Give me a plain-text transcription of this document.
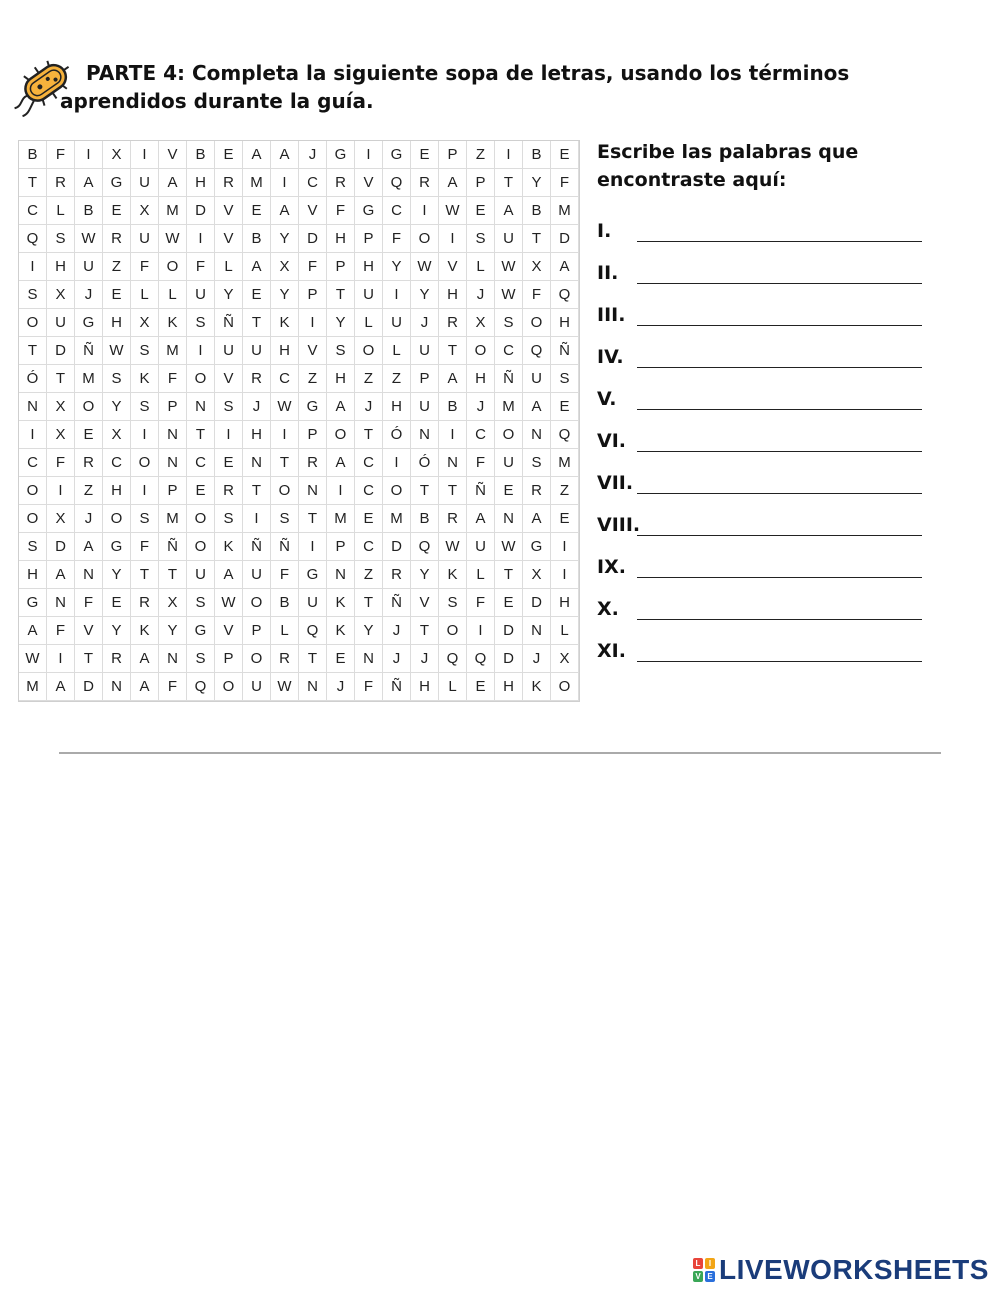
PARTE 4: Completa la siguiente sopa de letras, usando los términos
aprendidos durante la guía.
B	F	I	X	I	V	B	E	A	A	J	G	I	G	E	P	Z	I	B	E
T	R	A	G	U	A	H	R	M	I	C	R	V	Q	R	A	P	T	Y	F
C	L	B	E	X	M	D	V	E	A	V	F	G	C	I	W	E	A	B	M
Q	S	W	R	U	W	I	V	B	Y	D	H	P	F	O	I	S	U	T	D
I	H	U	Z	F	O	F	L	A	X	F	P	H	Y	W	V	L	W	X	A
S	X	J	E	L	L	U	Y	E	Y	P	T	U	I	Y	H	J	W	F	Q
O	U	G	H	X	K	S	Ñ	T	K	I	Y	L	U	J	R	X	S	O	H
T	D	Ñ	W	S	M	I	U	U	H	V	S	O	L	U	T	O	C	Q	Ñ
Ó	T	M	S	K	F	O	V	R	C	Z	H	Z	Z	P	A	H	Ñ	U	S
N	X	O	Y	S	P	N	S	J	W	G	A	J	H	U	B	J	M	A	E
I	X	E	X	I	N	T	I	H	I	P	O	T	Ó	N	I	C	O	N	Q
C	F	R	C	O	N	C	E	N	T	R	A	C	I	Ó	N	F	U	S	M
O	I	Z	H	I	P	E	R	T	O	N	I	C	O	T	T	Ñ	E	R	Z
O	X	J	O	S	M	O	S	I	S	T	M	E	M	B	R	A	N	A	E
S	D	A	G	F	Ñ	O	K	Ñ	Ñ	I	P	C	D	Q	W	U	W	G	I
H	A	N	Y	T	T	U	A	U	F	G	N	Z	R	Y	K	L	T	X	I
G	N	F	E	R	X	S	W	O	B	U	K	T	Ñ	V	S	F	E	D	H
A	F	V	Y	K	Y	G	V	P	L	Q	K	Y	J	T	O	I	D	N	L
W	I	T	R	A	N	S	P	O	R	T	E	N	J	J	Q	Q	D	J	X
M	A	D	N	A	F	Q	O	U	W	N	J	F	Ñ	H	L	E	H	K	O
Escribe las palabras que encontraste aquí:
I.
II.
III.
IV.
V.
VI.
VII.
VIII.
IX.
X.
XI.
L	I
V E LIVEWORKSHEETS
